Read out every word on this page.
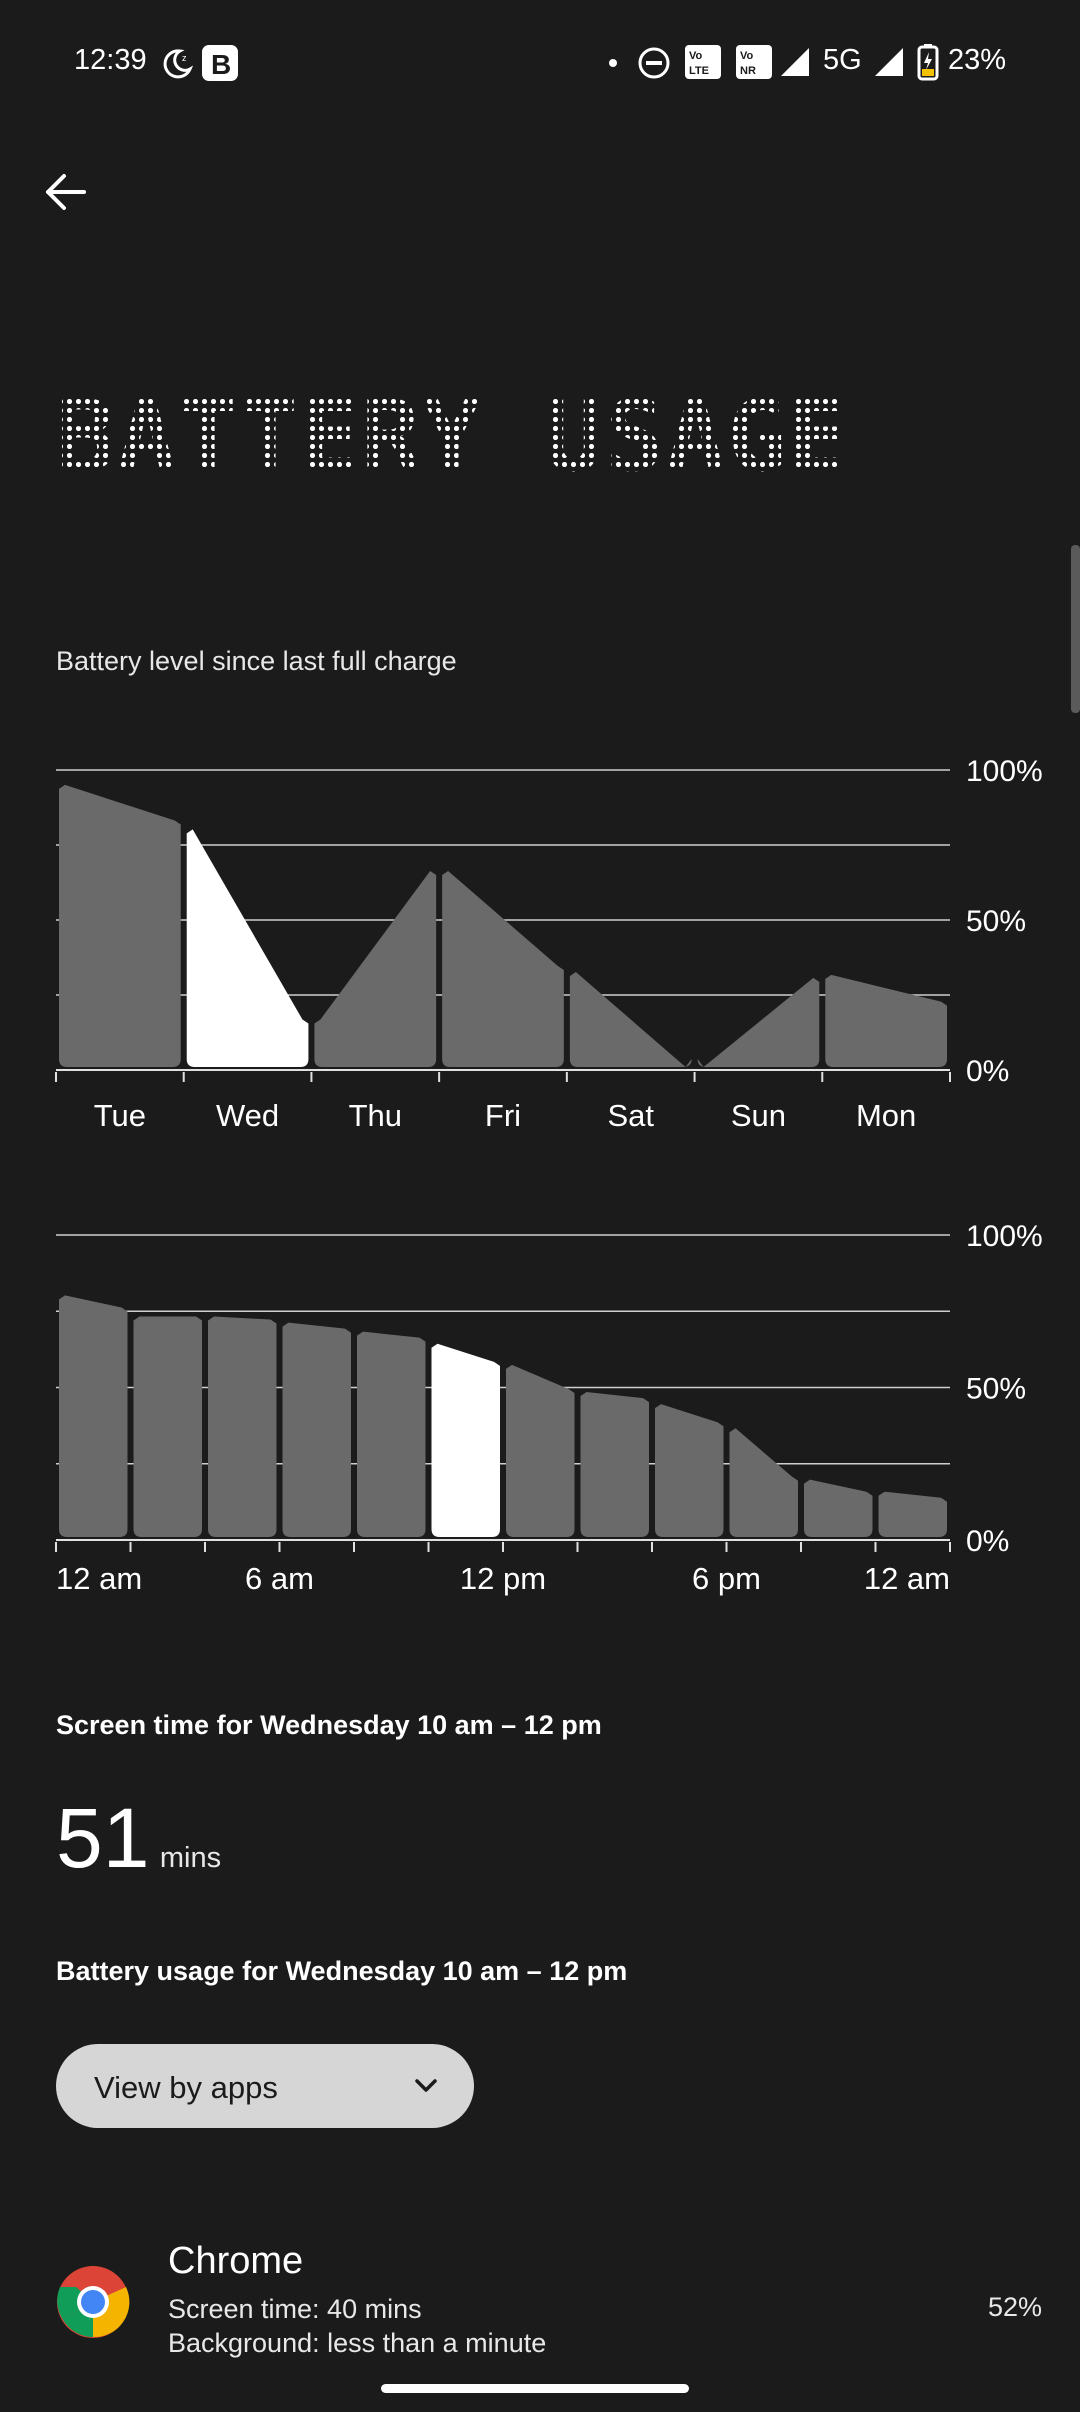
12:39	z B	Vo
LTE
Vo
NR 5G	23%
BATTERY USAGE
Battery level since last full charge
100%
50%
0%
Tue Wed Thu	Fri	Sat Sun Mon
100%
50%
0%
12 am	6 am	12 pm	6 pm	12 am
Screen time for Wednesday 10 am – 12 pm
51 mins
Battery usage for Wednesday 10 am – 12 pm
View by apps
Chrome
Screen time: 40 mins
Background: less than a minute
52%
